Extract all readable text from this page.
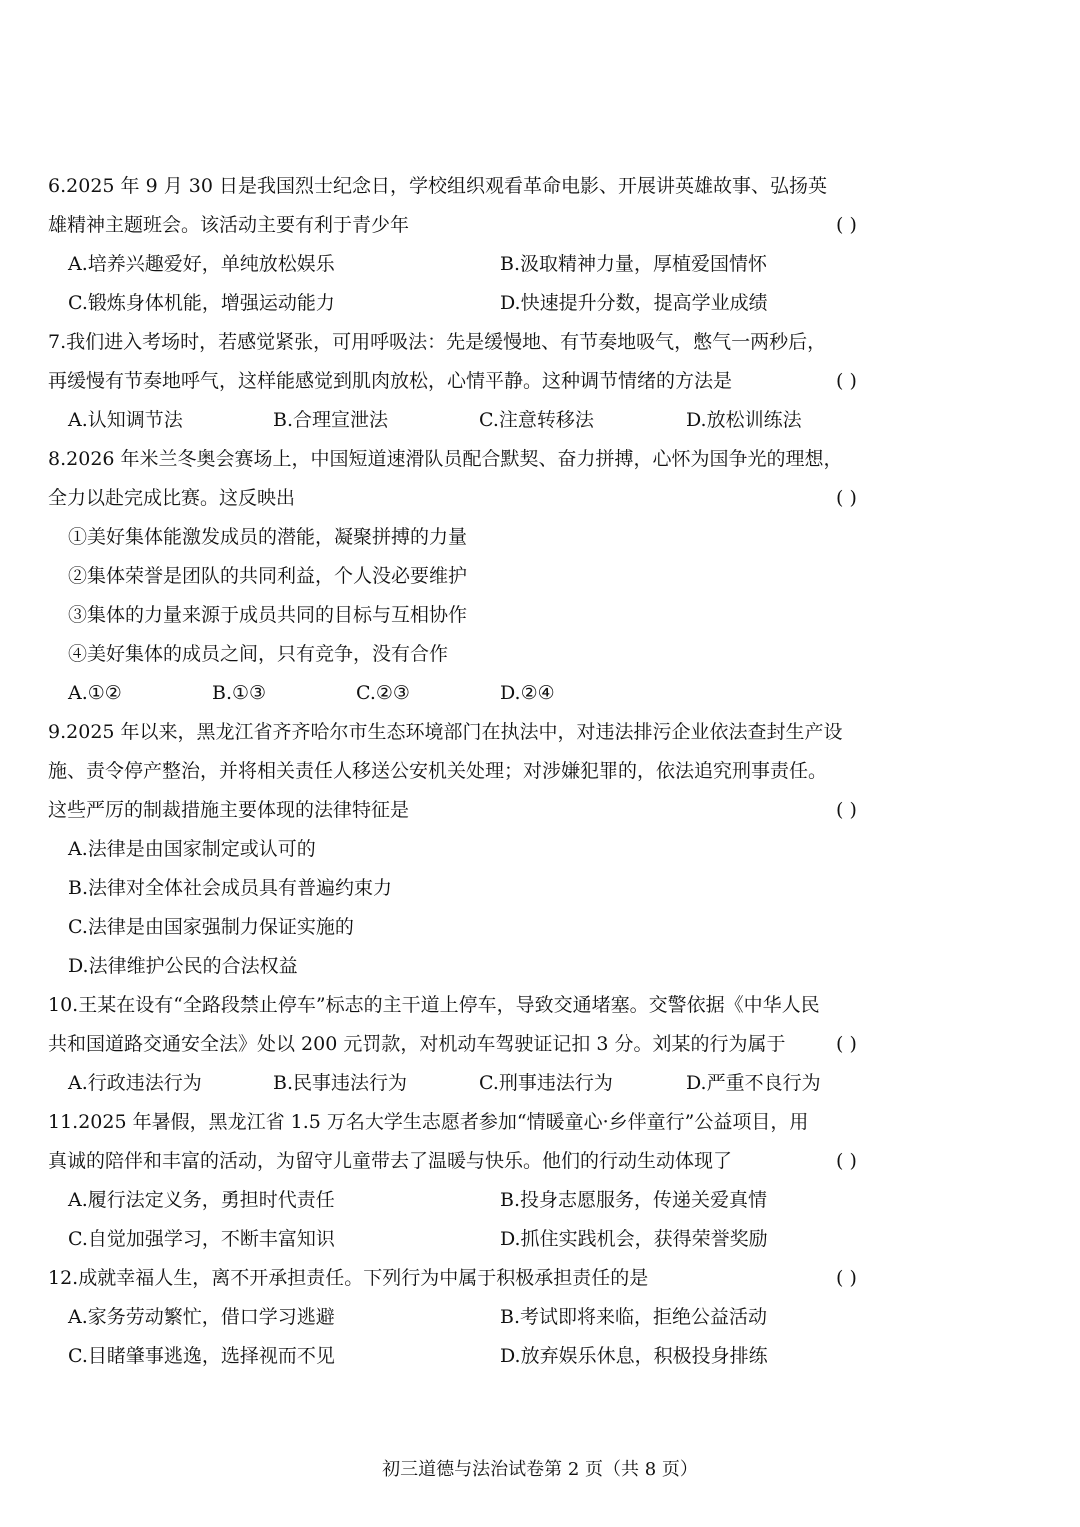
6.2025 年 9 月 30 日是我国烈士纪念日，学校组织观看革命电影、开展讲英雄故事、弘扬英
雄精神主题班会。该活动主要有利于青少年	( )
A.培养兴趣爱好，单纯放松娱乐	B.汲取精神力量，厚植爱国情怀
C.锻炼身体机能，增强运动能力	D.快速提升分数，提高学业成绩
7.我们进入考场时，若感觉紧张，可用呼吸法：先是缓慢地、有节奏地吸气，憋气一两秒后，
再缓慢有节奏地呼气，这样能感觉到肌肉放松，心情平静。这种调节情绪的方法是	( )
A.认知调节法	B.合理宣泄法	C.注意转移法	D.放松训练法
8.2026 年米兰冬奥会赛场上，中国短道速滑队员配合默契、奋力拼搏，心怀为国争光的理想，
全力以赴完成比赛。这反映出	( )
①美好集体能激发成员的潜能，凝聚拼搏的力量
②集体荣誉是团队的共同利益，个人没必要维护
③集体的力量来源于成员共同的目标与互相协作
④美好集体的成员之间，只有竞争，没有合作
A.①②	B.①③	C.②③	D.②④
9.2025 年以来，黑龙江省齐齐哈尔市生态环境部门在执法中，对违法排污企业依法查封生产设
施、责令停产整治，并将相关责任人移送公安机关处理；对涉嫌犯罪的，依法追究刑事责任。
这些严厉的制裁措施主要体现的法律特征是	( )
A.法律是由国家制定或认可的
B.法律对全体社会成员具有普遍约束力
C.法律是由国家强制力保证实施的
D.法律维护公民的合法权益
10.王某在设有“全路段禁止停车”标志的主干道上停车，导致交通堵塞。交警依据《中华人民
共和国道路交通安全法》处以 200 元罚款，对机动车驾驶证记扣 3 分。刘某的行为属于	( )
A.行政违法行为	B.民事违法行为	C.刑事违法行为	D.严重不良行为
11.2025 年暑假，黑龙江省 1.5 万名大学生志愿者参加“情暖童心·乡伴童行”公益项目，用
真诚的陪伴和丰富的活动，为留守儿童带去了温暖与快乐。他们的行动生动体现了	( )
A.履行法定义务，勇担时代责任	B.投身志愿服务，传递关爱真情
C.自觉加强学习，不断丰富知识	D.抓住实践机会，获得荣誉奖励
12.成就幸福人生，离不开承担责任。下列行为中属于积极承担责任的是	( )
A.家务劳动繁忙，借口学习逃避	B.考试即将来临，拒绝公益活动
C.目睹肇事逃逸，选择视而不见	D.放弃娱乐休息，积极投身排练
初三道德与法治试卷第 2 页（共 8 页）
